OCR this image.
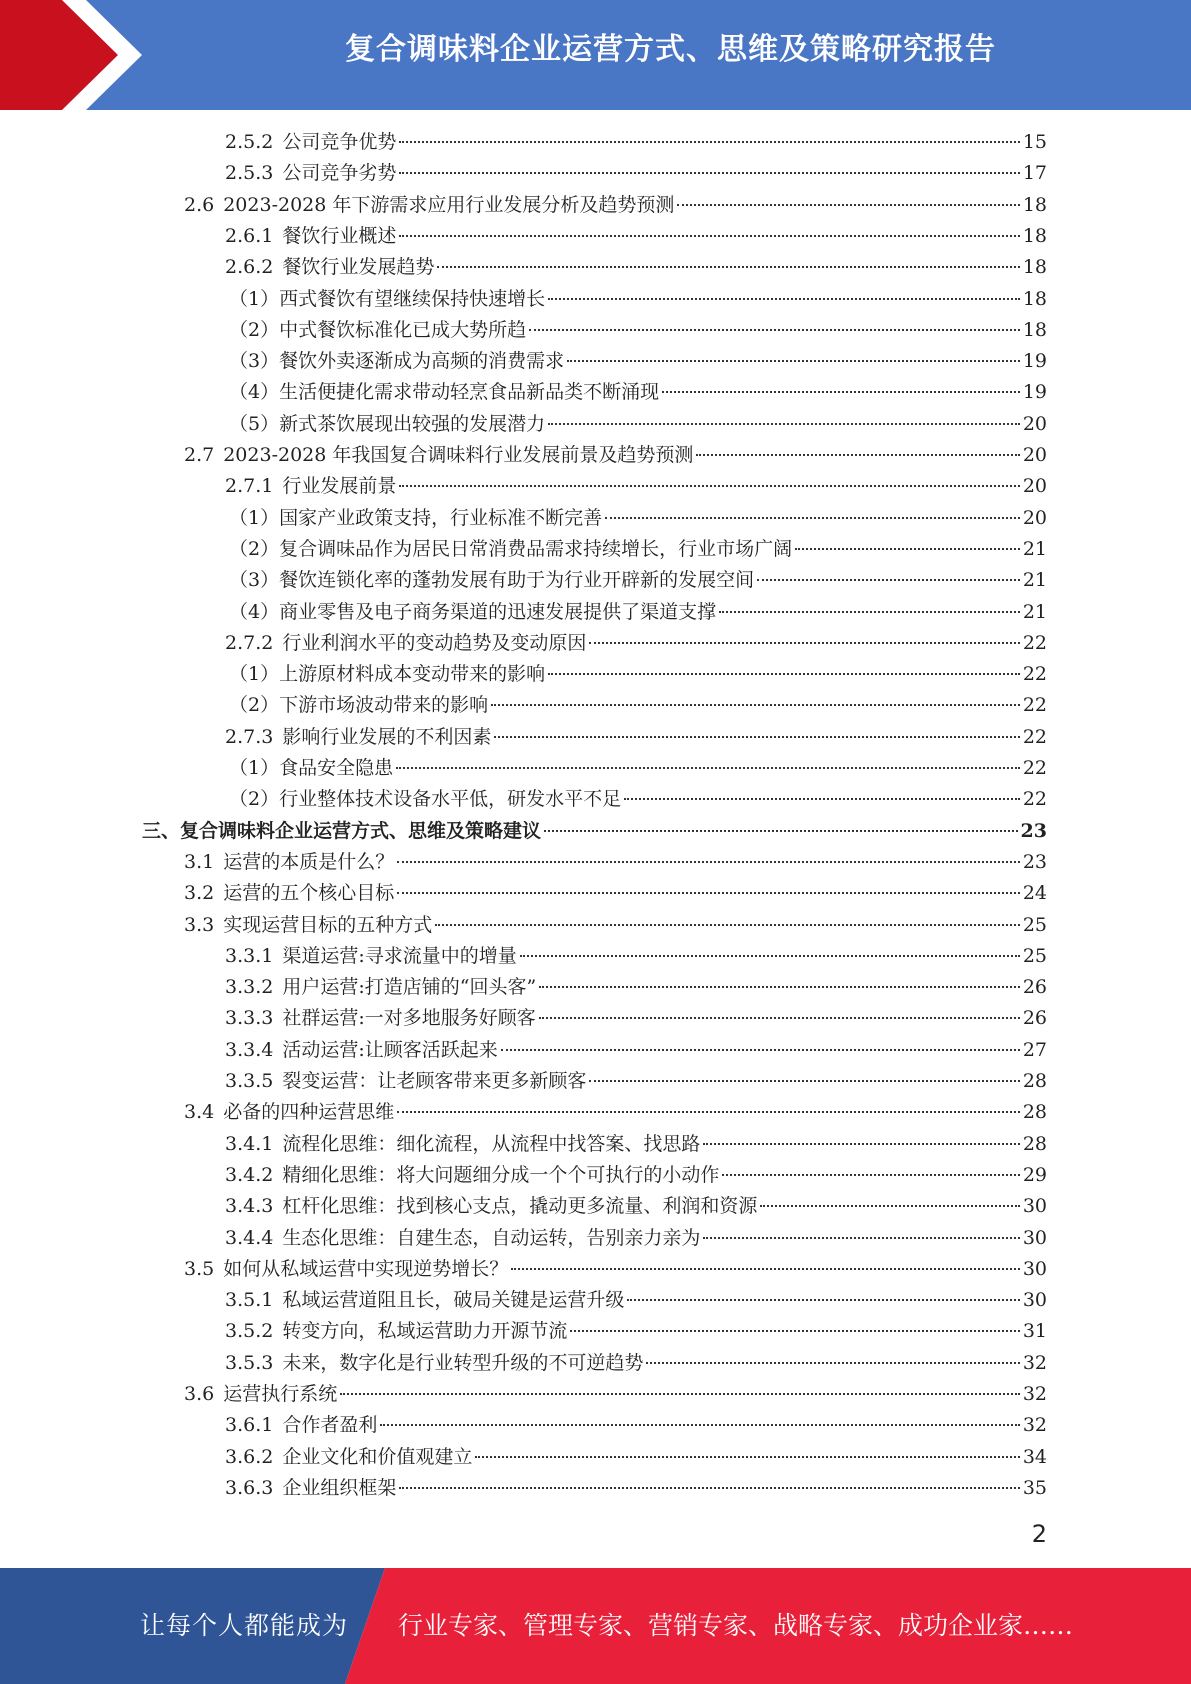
复合调味料企业运营方式、思维及策略研究报告
2.5.2 公司竞争优势	15
2.5.3 公司竞争劣势	17
2.6 2023-2028 年下游需求应用行业发展分析及趋势预测	18
2.6.1 餐饮行业概述	18
2.6.2 餐饮行业发展趋势	18
（1） 西式餐饮有望继续保持快速增长	18
（2） 中式餐饮标准化已成大势所趋	18
（3） 餐饮外卖逐渐成为高频的消费需求	19
（4） 生活便捷化需求带动轻烹食品新品类不断涌现	19
（5） 新式茶饮展现出较强的发展潜力	20
2.7 2023-2028 年我国复合调味料行业发展前景及趋势预测	20
2.7.1 行业发展前景	20
（1） 国家产业政策支持，行业标准不断完善	20
（2） 复合调味品作为居民日常消费品需求持续增长，行业市场广阔	21
（3） 餐饮连锁化率的蓬勃发展有助于为行业开辟新的发展空间	21
（4） 商业零售及电子商务渠道的迅速发展提供了渠道支撑	21
2.7.2 行业利润水平的变动趋势及变动原因	22
（1） 上游原材料成本变动带来的影响	22
（2） 下游市场波动带来的影响	22
2.7.3 影响行业发展的不利因素	22
（1） 食品安全隐患	22
（2） 行业整体技术设备水平低，研发水平不足	22
三、 复合调味料企业运营方式、思维及策略建议	23
3.1 运营的本质是什么？	23
3.2 运营的五个核心目标	24
3.3 实现运营目标的五种方式	25
3.3.1 渠道运营:寻求流量中的增量	25
3.3.2 用户运营:打造店铺的“回头客”	26
3.3.3 社群运营:一对多地服务好顾客	26
3.3.4 活动运营:让顾客活跃起来	27
3.3.5 裂变运营：让老顾客带来更多新顾客	28
3.4 必备的四种运营思维	28
3.4.1 流程化思维：细化流程，从流程中找答案、找思路	28
3.4.2 精细化思维：将大问题细分成一个个可执行的小动作	29
3.4.3 杠杆化思维：找到核心支点，撬动更多流量、利润和资源	30
3.4.4 生态化思维：自建生态，自动运转，告别亲力亲为	30
3.5 如何从私域运营中实现逆势增长？	30
3.5.1 私域运营道阻且长，破局关键是运营升级	30
3.5.2 转变方向，私域运营助力开源节流	31
3.5.3 未来，数字化是行业转型升级的不可逆趋势	32
3.6 运营执行系统	32
3.6.1 合作者盈利	32
3.6.2 企业文化和价值观建立	34
3.6.3 企业组织框架	35
2
让每个人都能成为 行业专家、管理专家、营销专家、战略专家、成功企业家……
